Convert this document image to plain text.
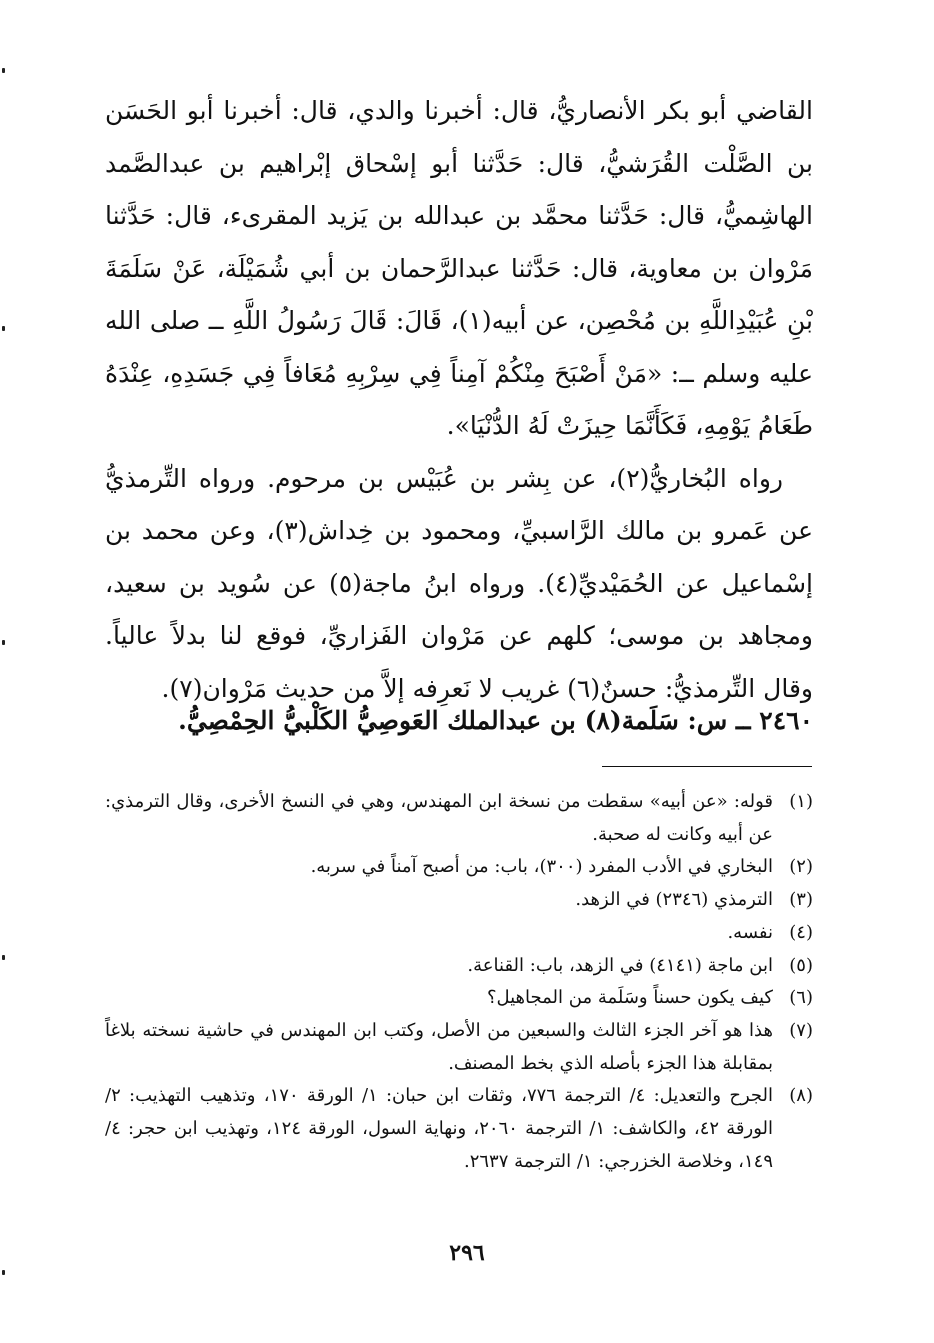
القاضي أبو بكر الأنصاريُّ، قال: أخبرنا والدي، قال: أخبرنا أبو الحَسَن بن الصَّلْت القُرَشيُّ، قال: حَدَّثنا أبو إسْحاق إبْراهيم بن عبدالصَّمد الهاشِميُّ، قال: حَدَّثنا محمَّد بن عبدالله بن يَزيد المقرىء، قال: حَدَّثنا مَرْوان بن معاوية، قال: حَدَّثنا عبدالرَّحمان بن أبي شُمَيْلَة، عَنْ سَلَمَةَ بْنِ عُبَيْدِاللَّهِ بن مُحْصِن، عن أبيه(١)، قَالَ: قَالَ رَسُولُ اللَّهِ ــ صلى الله عليه وسلم ــ: «مَنْ أَصْبَحَ مِنْكُمْ آمِناً فِي سِرْبِهِ مُعَافاً فِي جَسَدِهِ، عِنْدَهُ طَعَامُ يَوْمِهِ، فَكَأَنَّمَا حِيزَتْ لَهُ الدُّنْيَا».

رواه البُخاريُّ(٢)، عن بِشر بن عُبَيْس بن مرحوم. ورواه التِّرمذيُّ عن عَمرو بن مالك الرَّاسبيِّ، ومحمود بن خِداش(٣)، وعن محمد بن إسْماعيل عن الحُمَيْديِّ(٤). ورواه ابنُ ماجة(٥) عن سُويد بن سعيد، ومجاهد بن موسى؛ كلهم عن مَرْوان الفَزاريِّ، فوقع لنا بدلاً عالياً. وقال التِّرمذيُّ: حسنٌ(٦) غريب لا نَعرِفه إلاَّ من حديث مَرْوان(٧).

٢٤٦٠ ــ س: سَلَمة(٨) بن عبدالملك العَوصِيُّ الكَلْبيُّ الحِمْصِيُّ.

(١)
قوله: «عن أبيه» سقطت من نسخة ابن المهندس، وهي في النسخ الأخرى، وقال الترمذي: عن أبيه وكانت له صحبة.
(٢)
البخاري في الأدب المفرد (٣٠٠)، باب: من أصبح آمناً في سربه.
(٣)
الترمذي (٢٣٤٦) في الزهد.
(٤)
نفسه.
(٥)
ابن ماجة (٤١٤١) في الزهد، باب: القناعة.
(٦)
كيف يكون حسناً وسَلَمة من المجاهيل؟
(٧)
هذا هو آخر الجزء الثالث والسبعين من الأصل، وكتب ابن المهندس في حاشية نسخته بلاغاً بمقابلة هذا الجزء بأصله الذي بخط المصنف.
(٨)
الجرح والتعديل: ٤/ الترجمة ٧٧٦، وثقات ابن حبان: ١/ الورقة ١٧٠، وتذهيب التهذيب: ٢/ الورقة ٤٢، والكاشف: ١/ الترجمة ٢٠٦٠، ونهاية السول، الورقة ١٢٤، وتهذيب ابن حجر: ٤/ ١٤٩، وخلاصة الخزرجي: ١/ الترجمة ٢٦٣٧.
٢٩٦
